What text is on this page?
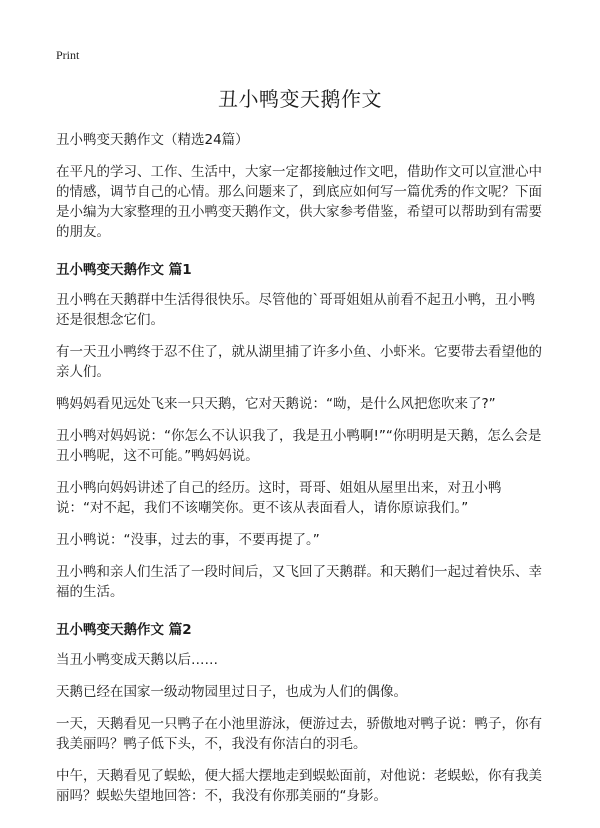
Print
丑小鸭变天鹅作文

丑小鸭变天鹅作文（精选24篇）

在平凡的学习、工作、生活中，大家一定都接触过作文吧，借助作文可以宣泄心中的情感，调节自己的心情。那么问题来了，到底应如何写一篇优秀的作文呢？下面是小编为大家整理的丑小鸭变天鹅作文，供大家参考借鉴，希望可以帮助到有需要的朋友。

丑小鸭变天鹅作文 篇1

丑小鸭在天鹅群中生活得很快乐。尽管他的`哥哥姐姐从前看不起丑小鸭，丑小鸭还是很想念它们。

有一天丑小鸭终于忍不住了，就从湖里捕了许多小鱼、小虾米。它要带去看望他的亲人们。

鸭妈妈看见远处飞来一只天鹅，它对天鹅说：“呦，是什么风把您吹来了?”

丑小鸭对妈妈说：“你怎么不认识我了，我是丑小鸭啊!”“你明明是天鹅，怎么会是丑小鸭呢，这不可能。”鸭妈妈说。

丑小鸭向妈妈讲述了自己的经历。这时，哥哥、姐姐从屋里出来，对丑小鸭说：“对不起，我们不该嘲笑你。更不该从表面看人，请你原谅我们。”

丑小鸭说：“没事，过去的事，不要再提了。”

丑小鸭和亲人们生活了一段时间后，又飞回了天鹅群。和天鹅们一起过着快乐、幸福的生活。

丑小鸭变天鹅作文 篇2

当丑小鸭变成天鹅以后……

天鹅已经在国家一级动物园里过日子，也成为人们的偶像。

一天，天鹅看见一只鸭子在小池里游泳，便游过去，骄傲地对鸭子说：鸭子，你有我美丽吗？鸭子低下头，不，我没有你洁白的羽毛。

中午，天鹅看见了蜈蚣，便大摇大摆地走到蜈蚣面前，对他说：老蜈蚣，你有我美丽吗？蜈蚣失望地回答：不，我没有你那美丽的“身影。
